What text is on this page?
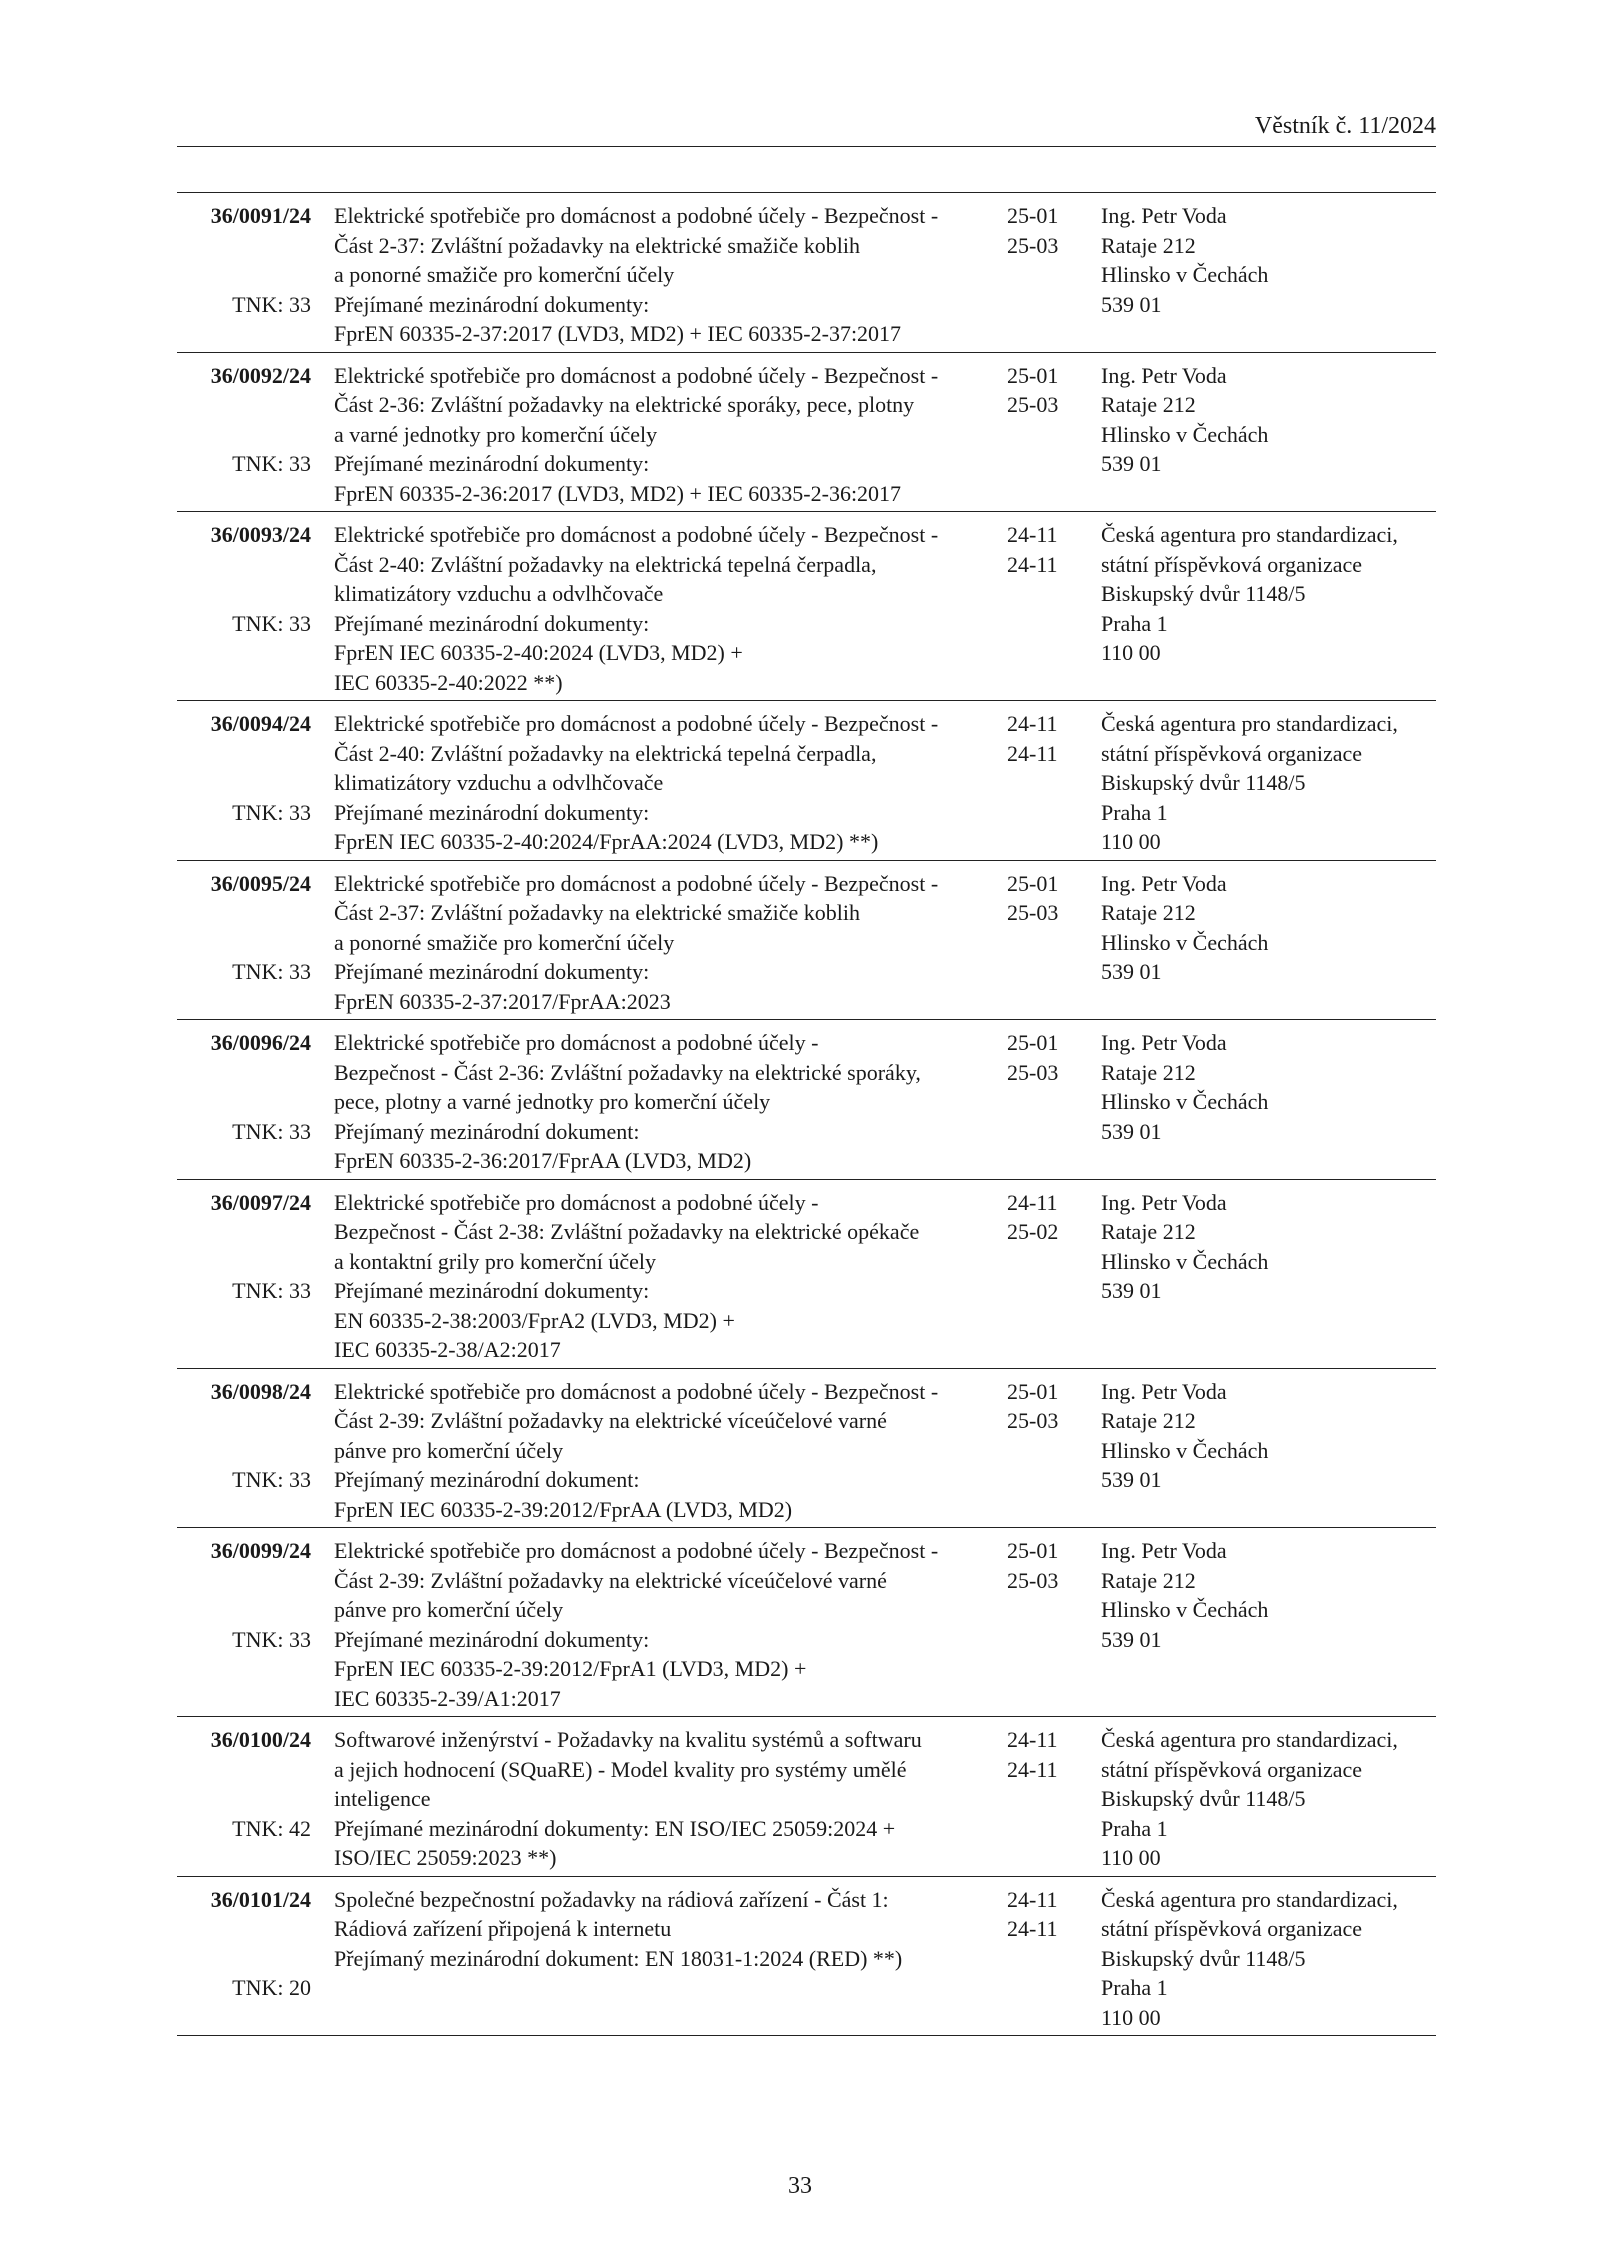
Věstník č. 11/2024
36/0091/24
TNK: 33
Elektrické spotřebiče pro domácnost a podobné účely - Bezpečnost -
Část 2-37: Zvláštní požadavky na elektrické smažiče koblih
a ponorné smažiče pro komerční účely
Přejímané mezinárodní dokumenty:
FprEN 60335-2-37:2017 (LVD3, MD2) + IEC 60335-2-37:2017
25-01
25-03
Ing. Petr Voda
Rataje 212
Hlinsko v Čechách
539 01
36/0092/24
TNK: 33
Elektrické spotřebiče pro domácnost a podobné účely - Bezpečnost -
Část 2-36: Zvláštní požadavky na elektrické sporáky, pece, plotny
a varné jednotky pro komerční účely
Přejímané mezinárodní dokumenty:
FprEN 60335-2-36:2017 (LVD3, MD2) + IEC 60335-2-36:2017
25-01
25-03
Ing. Petr Voda
Rataje 212
Hlinsko v Čechách
539 01
36/0093/24
TNK: 33
Elektrické spotřebiče pro domácnost a podobné účely - Bezpečnost -
Část 2-40: Zvláštní požadavky na elektrická tepelná čerpadla,
klimatizátory vzduchu a odvlhčovače
Přejímané mezinárodní dokumenty:
FprEN IEC 60335-2-40:2024 (LVD3, MD2) +
IEC 60335-2-40:2022 **)
24-11
24-11
Česká agentura pro standardizaci,
státní příspěvková organizace
Biskupský dvůr 1148/5
Praha 1
110 00
36/0094/24
TNK: 33
Elektrické spotřebiče pro domácnost a podobné účely - Bezpečnost -
Část 2-40: Zvláštní požadavky na elektrická tepelná čerpadla,
klimatizátory vzduchu a odvlhčovače
Přejímané mezinárodní dokumenty:
FprEN IEC 60335-2-40:2024/FprAA:2024 (LVD3, MD2) **)
24-11
24-11
Česká agentura pro standardizaci,
státní příspěvková organizace
Biskupský dvůr 1148/5
Praha 1
110 00
36/0095/24
TNK: 33
Elektrické spotřebiče pro domácnost a podobné účely - Bezpečnost -
Část 2-37: Zvláštní požadavky na elektrické smažiče koblih
a ponorné smažiče pro komerční účely
Přejímané mezinárodní dokumenty:
FprEN 60335-2-37:2017/FprAA:2023
25-01
25-03
Ing. Petr Voda
Rataje 212
Hlinsko v Čechách
539 01
36/0096/24
TNK: 33
Elektrické spotřebiče pro domácnost a podobné účely -
Bezpečnost - Část 2-36: Zvláštní požadavky na elektrické sporáky,
pece, plotny a varné jednotky pro komerční účely
Přejímaný mezinárodní dokument:
FprEN 60335-2-36:2017/FprAA (LVD3, MD2)
25-01
25-03
Ing. Petr Voda
Rataje 212
Hlinsko v Čechách
539 01
36/0097/24
TNK: 33
Elektrické spotřebiče pro domácnost a podobné účely -
Bezpečnost - Část 2-38: Zvláštní požadavky na elektrické opékače
a kontaktní grily pro komerční účely
Přejímané mezinárodní dokumenty:
EN 60335-2-38:2003/FprA2 (LVD3, MD2) +
IEC 60335-2-38/A2:2017
24-11
25-02
Ing. Petr Voda
Rataje 212
Hlinsko v Čechách
539 01
36/0098/24
TNK: 33
Elektrické spotřebiče pro domácnost a podobné účely - Bezpečnost -
Část 2-39: Zvláštní požadavky na elektrické víceúčelové varné
pánve pro komerční účely
Přejímaný mezinárodní dokument:
FprEN IEC 60335-2-39:2012/FprAA (LVD3, MD2)
25-01
25-03
Ing. Petr Voda
Rataje 212
Hlinsko v Čechách
539 01
36/0099/24
TNK: 33
Elektrické spotřebiče pro domácnost a podobné účely - Bezpečnost -
Část 2-39: Zvláštní požadavky na elektrické víceúčelové varné
pánve pro komerční účely
Přejímané mezinárodní dokumenty:
FprEN IEC 60335-2-39:2012/FprA1 (LVD3, MD2) +
IEC 60335-2-39/A1:2017
25-01
25-03
Ing. Petr Voda
Rataje 212
Hlinsko v Čechách
539 01
36/0100/24
TNK: 42
Softwarové inženýrství - Požadavky na kvalitu systémů a softwaru
a jejich hodnocení (SQuaRE) - Model kvality pro systémy umělé
inteligence
Přejímané mezinárodní dokumenty: EN ISO/IEC 25059:2024 +
ISO/IEC 25059:2023 **)
24-11
24-11
Česká agentura pro standardizaci,
státní příspěvková organizace
Biskupský dvůr 1148/5
Praha 1
110 00
36/0101/24
TNK: 20
Společné bezpečnostní požadavky na rádiová zařízení - Část 1:
Rádiová zařízení připojená k internetu
Přejímaný mezinárodní dokument: EN 18031-1:2024 (RED) **)
24-11
24-11
Česká agentura pro standardizaci,
státní příspěvková organizace
Biskupský dvůr 1148/5
Praha 1
110 00
33
